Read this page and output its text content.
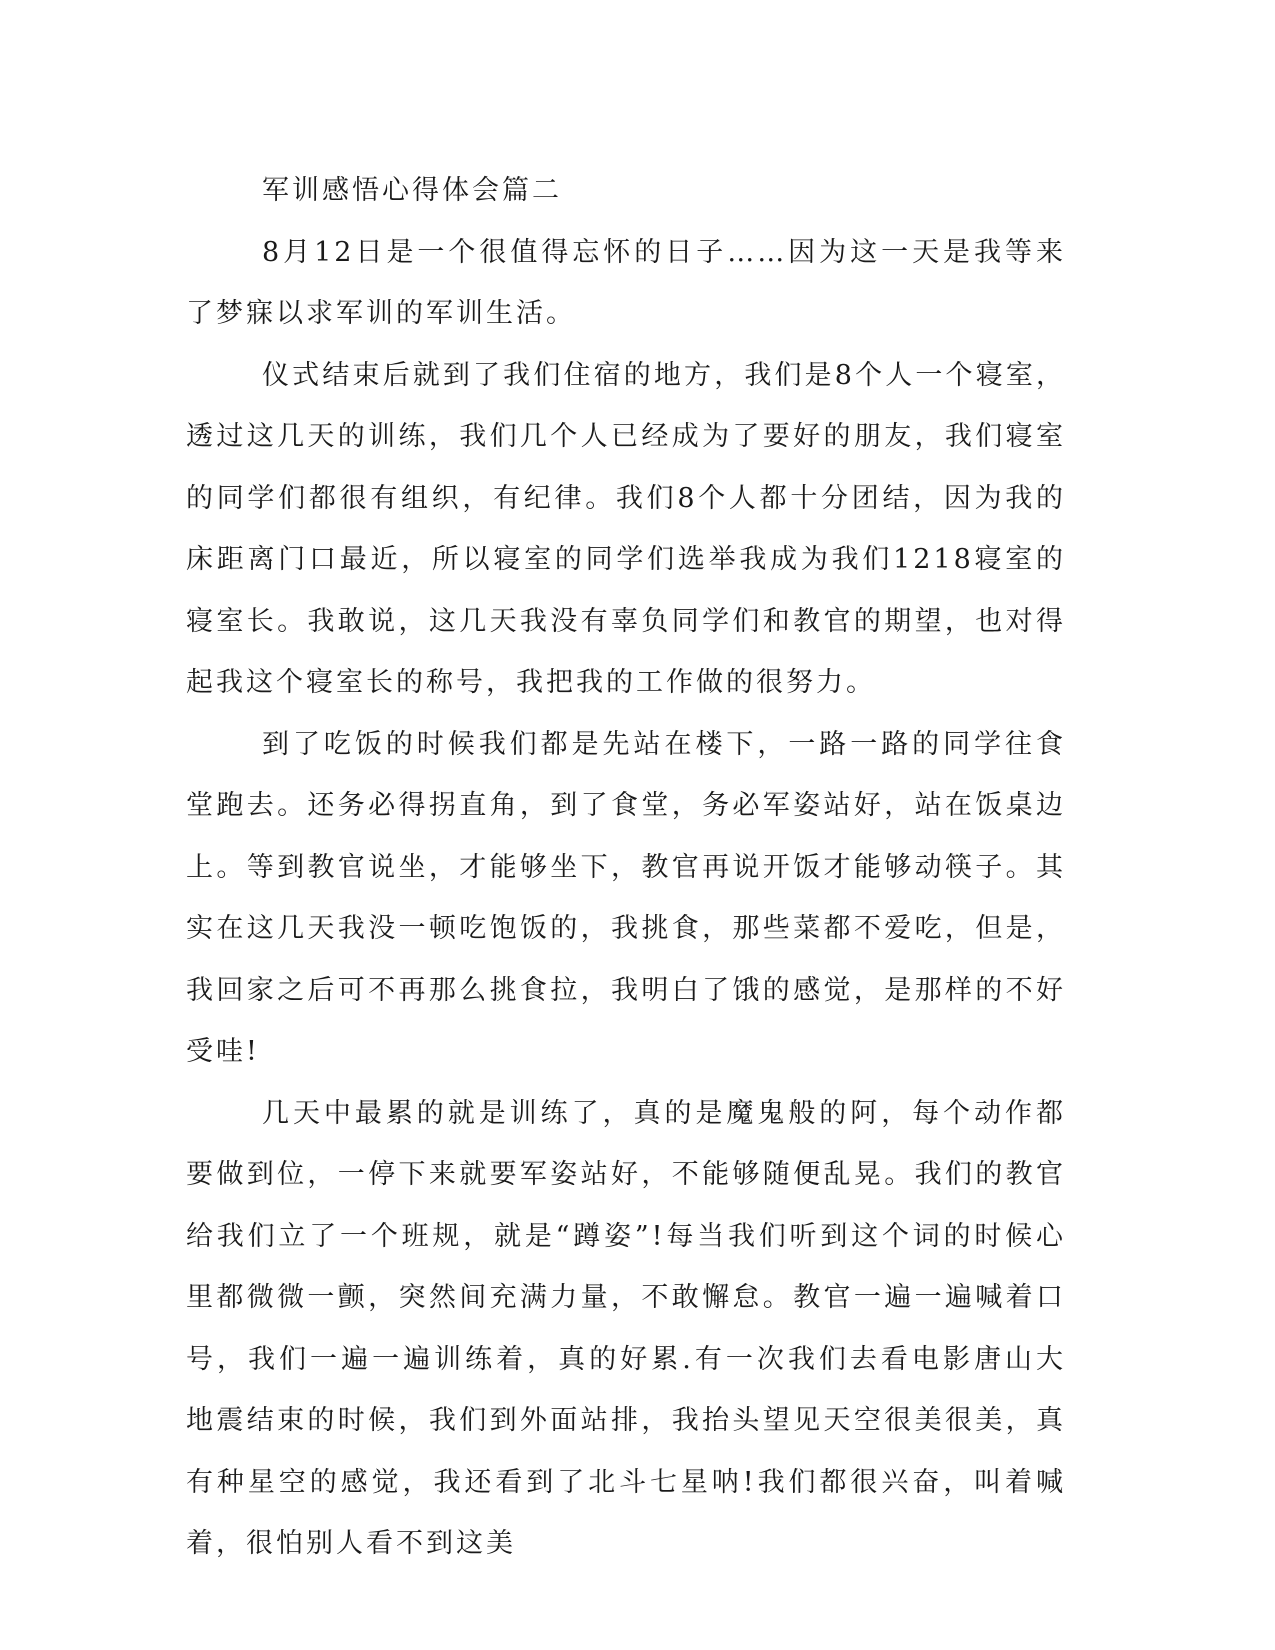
军训感悟心得体会篇二

8月12日是一个很值得忘怀的日子……因为这一天是我等来了梦寐以求军训的军训生活。

仪式结束后就到了我们住宿的地方，我们是8个人一个寝室，透过这几天的训练，我们几个人已经成为了要好的朋友，我们寝室的同学们都很有组织，有纪律。我们8个人都十分团结，因为我的床距离门口最近，所以寝室的同学们选举我成为我们1218寝室的寝室长。我敢说，这几天我没有辜负同学们和教官的期望，也对得起我这个寝室长的称号，我把我的工作做的很努力。

到了吃饭的时候我们都是先站在楼下，一路一路的同学往食堂跑去。还务必得拐直角，到了食堂，务必军姿站好，站在饭桌边上。等到教官说坐，才能够坐下，教官再说开饭才能够动筷子。其实在这几天我没一顿吃饱饭的，我挑食，那些菜都不爱吃，但是，我回家之后可不再那么挑食拉，我明白了饿的感觉，是那样的不好受哇!

几天中最累的就是训练了，真的是魔鬼般的阿，每个动作都要做到位，一停下来就要军姿站好，不能够随便乱晃。我们的教官给我们立了一个班规，就是“蹲姿”!每当我们听到这个词的时候心里都微微一颤，突然间充满力量，不敢懈怠。教官一遍一遍喊着口号，我们一遍一遍训练着，真的好累.有一次我们去看电影唐山大地震结束的时候，我们到外面站排，我抬头望见天空很美很美，真有种星空的感觉，我还看到了北斗七星呐!我们都很兴奋，叫着喊着，很怕别人看不到这美
